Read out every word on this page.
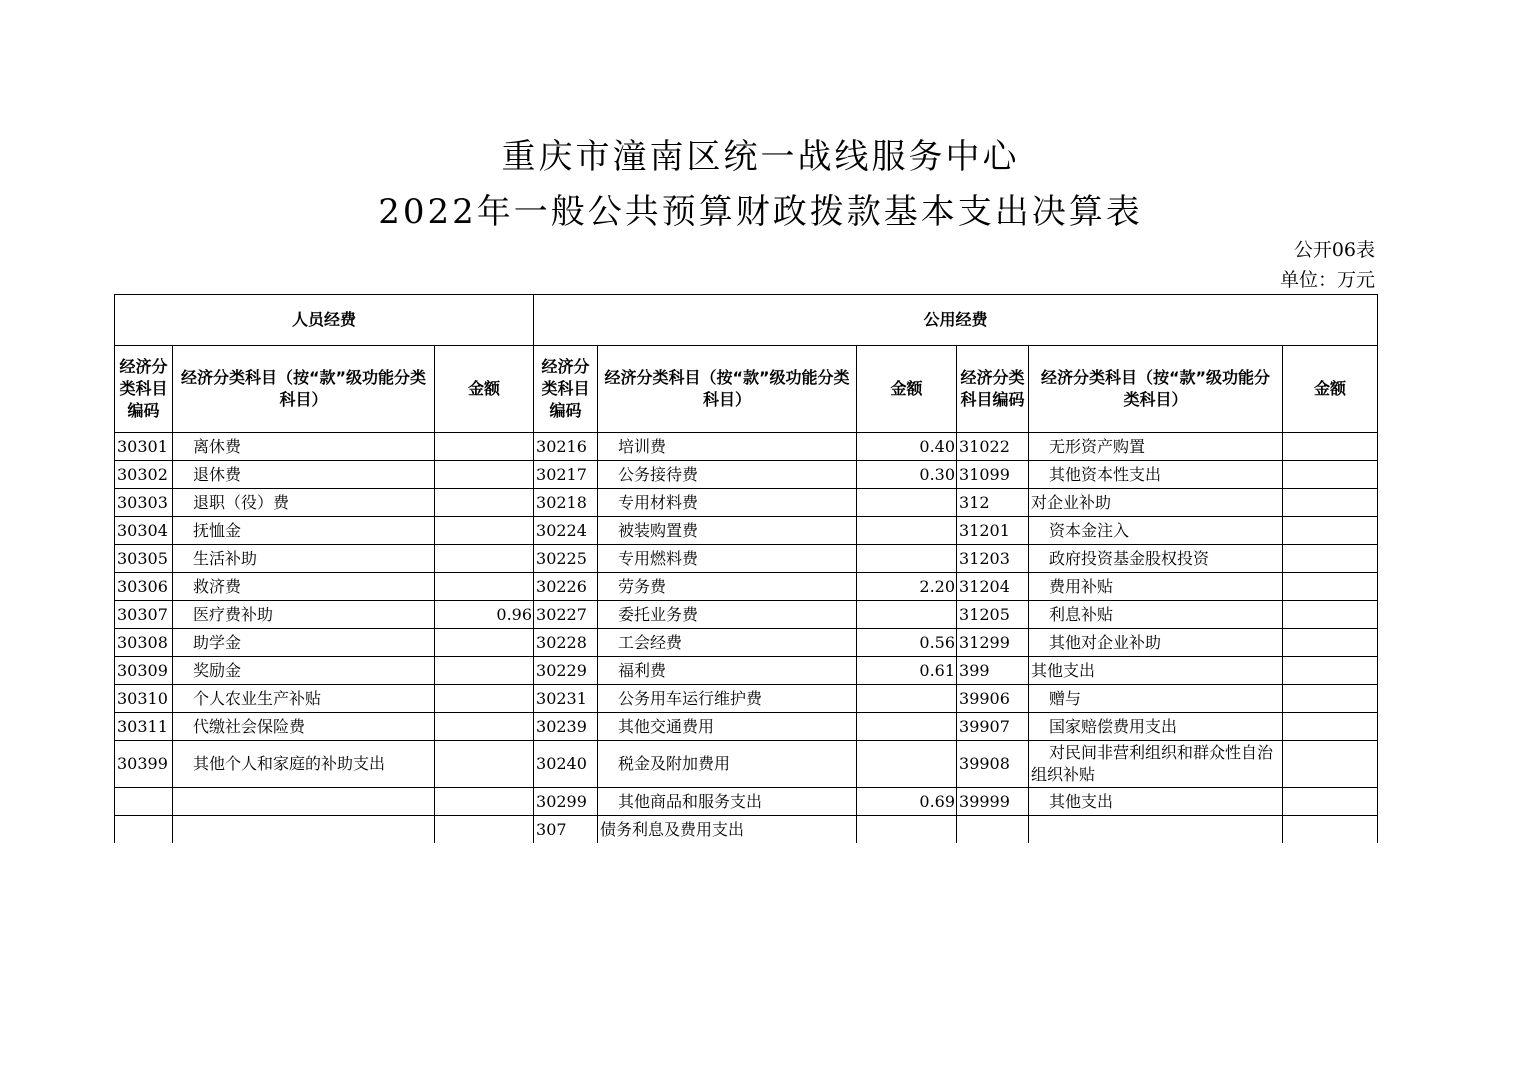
重庆市潼南区统一战线服务中心
2022年一般公共预算财政拨款基本支出决算表
公开06表
单位：万元
人员经费			公用经费					
经济分类科目编码	经济分类科目（按“款”级功能分类科目）	金额	经济分类科目编码	经济分类科目（按“款”级功能分类科目）	金额	经济分类科目编码	经济分类科目（按“款”级功能分类科目）	金额
30301	离休费		30216	培训费	0.40	31022	无形资产购置	
30302	退休费		30217	公务接待费	0.30	31099	其他资本性支出	
30303	退职（役）费		30218	专用材料费		312	对企业补助	
30304	抚恤金		30224	被装购置费		31201	资本金注入	
30305	生活补助		30225	专用燃料费		31203	政府投资基金股权投资	
30306	救济费		30226	劳务费	2.20	31204	费用补贴	
30307	医疗费补助	0.96	30227	委托业务费		31205	利息补贴	
30308	助学金		30228	工会经费	0.56	31299	其他对企业补助	
30309	奖励金		30229	福利费	0.61	399	其他支出	
30310	个人农业生产补贴		30231	公务用车运行维护费		39906	赠与	
30311	代缴社会保险费		30239	其他交通费用		39907	国家赔偿费用支出	
30399	其他个人和家庭的补助支出		30240	税金及附加费用		39908	对民间非营利组织和群众性自治组织补贴	
			30299	其他商品和服务支出	0.69	39999	其他支出	
			307	债务利息及费用支出				
